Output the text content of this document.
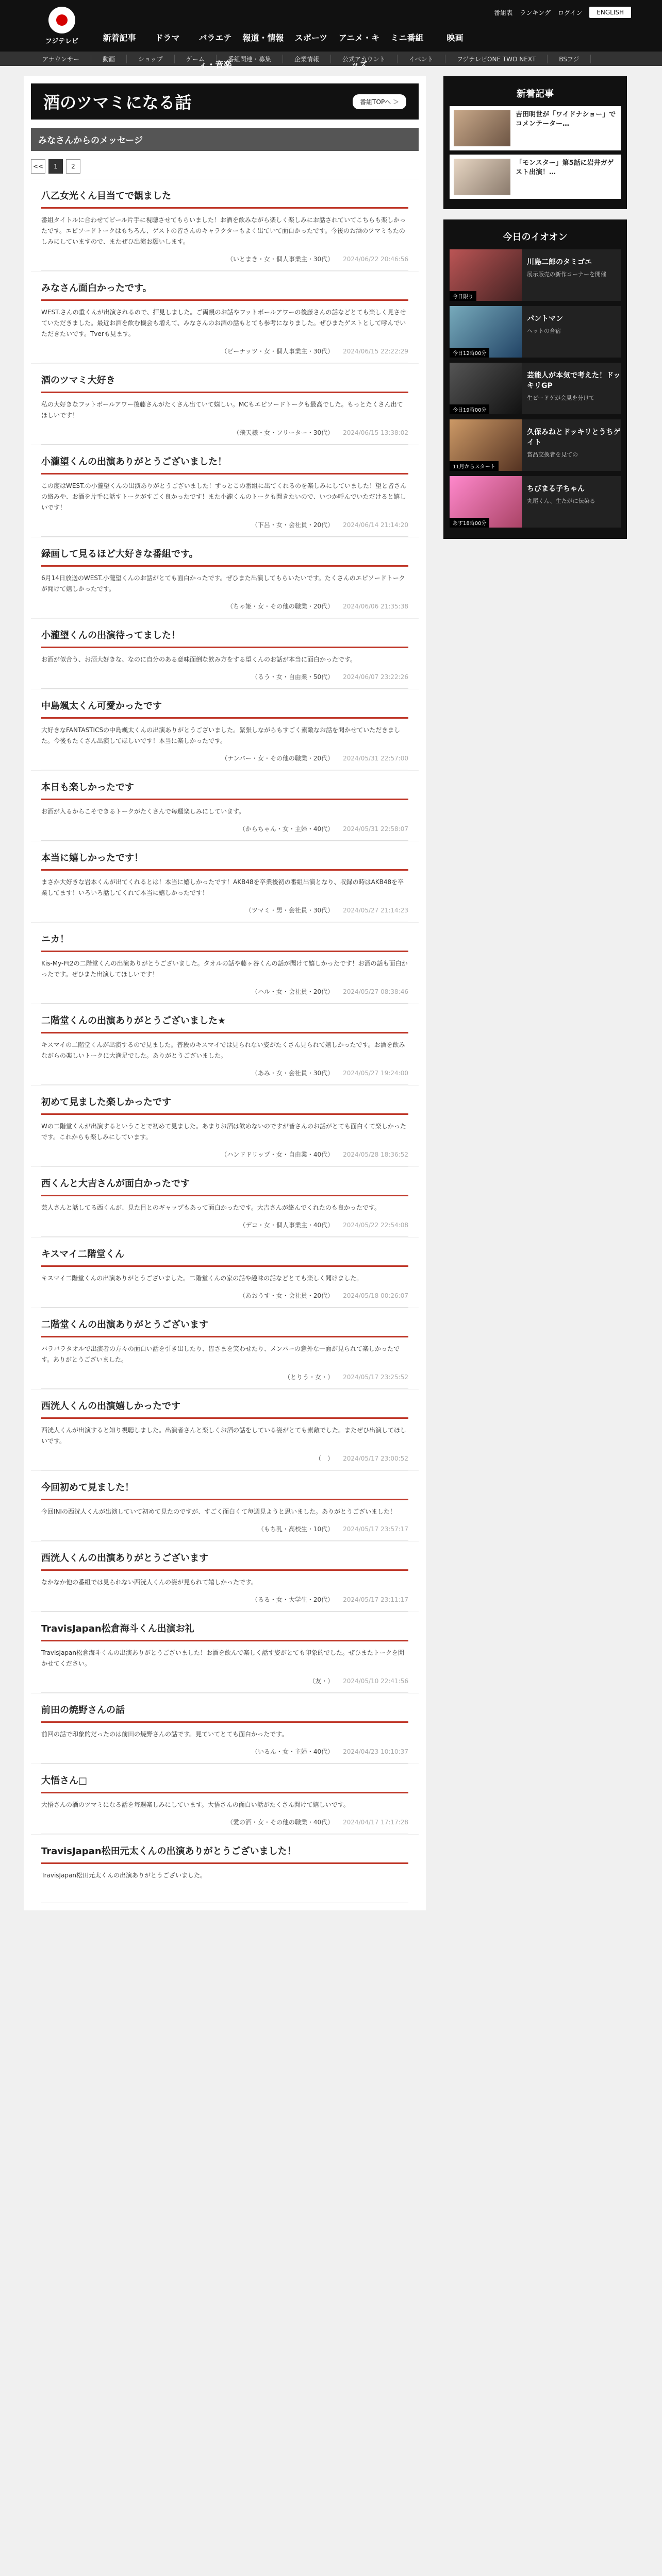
番組表 ランキング ログイン	ENGLISH
フジテレビ	新着記事	ドラマ	バラエティ・音楽
報道・情報	スポーツ	アニメ・キッズ
ミニ番組	映画
アナウンサー	動画	ショップ	ゲーム	番組関連・募集	企業情報	公式アカウント	イベント	フジテレビONE TWO NEXT	BSフジ
酒のツマミになる話	番組TOPへ ＞
みなさんからのメッセージ
<<	1	2
八乙女光くん目当てで観ました

番組タイトルに合わせてビール片手に視聴させてもらいました！お酒を飲みながら楽しく楽しみにお話されていてこちらも楽しかったです。エピソードトークはもちろん、ゲストの皆さんのキャラクターもよく出ていて面白かったです。今後のお酒のツマミもたのしみにしていますので、またぜひ出演お願いします。

（いとまき・女・個人事業主・30代） 2024/06/22 20:46:56
みなさん面白かったです。

WEST.さんの重くんが出演されるので、拝見しました。ご両親のお話やフットボールアワーの後藤さんの話などとても楽しく見させていただきました。最近お酒を飲む機会も増えて、みなさんのお酒の話もとても参考になりました。ぜひまたゲストとして呼んでいただきたいです。Tverも見ます。

（ピーナッツ・女・個人事業主・30代） 2024/06/15 22:22:29
酒のツマミ大好き

私の大好きなフットボールアワー後藤さんがたくさん出ていて嬉しい。MCもエピソードトークも最高でした。もっとたくさん出てほしいです！

（飛天様・女・フリーター・30代） 2024/06/15 13:38:02
小瀧望くんの出演ありがとうございました！

この度はWEST.の小瀧望くんの出演ありがとうございました！ずっとこの番組に出てくれるのを楽しみにしていました！望と皆さんの絡みや、お酒を片手に話すトークがすごく良かったです！また小瀧くんのトークも聞きたいので、いつか呼んでいただけると嬉しいです！

（下呂・女・会社員・20代） 2024/06/14 21:14:20
録画して見るほど大好きな番組です。

6月14日放送のWEST.小瀧望くんのお話がとても面白かったです。ぜひまた出演してもらいたいです。たくさんのエピソードトークが聞けて嬉しかったです。

（ちゃ姫・女・その他の職業・20代） 2024/06/06 21:35:38
小瀧望くんの出演待ってました！

お酒が似合う、お酒大好きな、なのに自分のある意味面倒な飲み方をする望くんのお話が本当に面白かったです。

（るう・女・自由業・50代） 2024/06/07 23:22:26
中島颯太くん可愛かったです

大好きなFANTASTICSの中島颯太くんの出演ありがとうございました。緊張しながらもすごく素敵なお話を聞かせていただきました。今後もたくさん出演してほしいです！本当に楽しかったです。

（ナンバー・女・その他の職業・20代） 2024/05/31 22:57:00
本日も楽しかったです

お酒が入るからこそできるトークがたくさんで毎週楽しみにしています。

（からちゃん・女・主婦・40代） 2024/05/31 22:58:07
本当に嬉しかったです！

まさか大好きな岩本くんが出てくれるとは！本当に嬉しかったです！AKB48を卒業後初の番組出演となり、収録の時はAKB48を卒業してます！いろいろ話してくれて本当に嬉しかったです！

（ツマミ・男・会社員・30代） 2024/05/27 21:14:23
ニカ！

Kis-My-Ft2の二階堂くんの出演ありがとうございました。タオルの話や藤ヶ谷くんの話が聞けて嬉しかったです！お酒の話も面白かったです。ぜひまた出演してほしいです！

（ハル・女・会社員・20代） 2024/05/27 08:38:46
二階堂くんの出演ありがとうございました★

キスマイの二階堂くんが出演するので見ました。普段のキスマイでは見られない姿がたくさん見られて嬉しかったです。お酒を飲みながらの楽しいトークに大満足でした。ありがとうございました。

（あみ・女・会社員・30代） 2024/05/27 19:24:00
初めて見ました楽しかったです

Wの二階堂くんが出演するということで初めて見ました。あまりお酒は飲めないのですが皆さんのお話がとても面白くて楽しかったです。これからも楽しみにしています。

（ハンドドリップ・女・自由業・40代） 2024/05/28 18:36:52
西くんと大吉さんが面白かったです

芸人さんと話してる西くんが、見た目とのギャップもあって面白かったです。大吉さんが絡んでくれたのも良かったです。

（デコ・女・個人事業主・40代） 2024/05/22 22:54:08
キスマイ二階堂くん

キスマイ二階堂くんの出演ありがとうございました。二階堂くんの家の話や趣味の話などとても楽しく聞けました。

（あおうす・女・会社員・20代） 2024/05/18 00:26:07
二階堂くんの出演ありがとうございます

バラバラタオルで出演者の方々の面白い話を引き出したり、皆さまを笑わせたり、メンバーの意外な一面が見られて楽しかったです。ありがとうございました。

（とりう・女・） 2024/05/17 23:25:52
西洸人くんの出演嬉しかったです

西洸人くんが出演すると知り視聴しました。出演者さんと楽しくお酒の話をしている姿がとても素敵でした。またぜひ出演してほしいです。

（　） 2024/05/17 23:00:52
今回初めて見ました！

今回INIの西洸人くんが出演していて初めて見たのですが、すごく面白くて毎週見ようと思いました。ありがとうございました！

（もち乳・高校生・10代） 2024/05/17 23:57:17
西洸人くんの出演ありがとうございます

なかなか他の番組では見られない西洸人くんの姿が見られて嬉しかったです。

（るる・女・大学生・20代） 2024/05/17 23:11:17
TravisJapan松倉海斗くん出演お礼

TravisJapan松倉海斗くんの出演ありがとうございました！お酒を飲んで楽しく話す姿がとても印象的でした。ぜひまたトークを聞かせてください。

（友・） 2024/05/10 22:41:56
前田の焼野さんの話

前回の話で印象的だったのは前田の焼野さんの話です。見ていてとても面白かったです。

（いるん・女・主婦・40代） 2024/04/23 10:10:37
大悟さん□

大悟さんの酒のツマミになる話を毎週楽しみにしています。大悟さんの面白い話がたくさん聞けて嬉しいです。

（愛の酒・女・その他の職業・40代） 2024/04/17 17:17:28
TravisJapan松田元太くんの出演ありがとうございました！

TravisJapan松田元太くんの出演ありがとうございました。

新着記事
吉田明世が「ワイドナショー」でコメンテーター…
「モンスター」第5話に岩井ガゲスト出演！…
今日のイオオン
今日限り
川島二郎のタミゴエ
展示販売の新作コーナーを開催
今日12時00分
パントマン
ヘットの合宿
今日19時00分
芸能人が本気で考えた！ドッキリGP
生ビードゲが会見を分けて
11月からスタート
久保みねとドッキリとうちゲイト
賞品交換者を見ての
あす18時00分
ちびまる子ちゃん
丸尾くん、生たがに伝染る
